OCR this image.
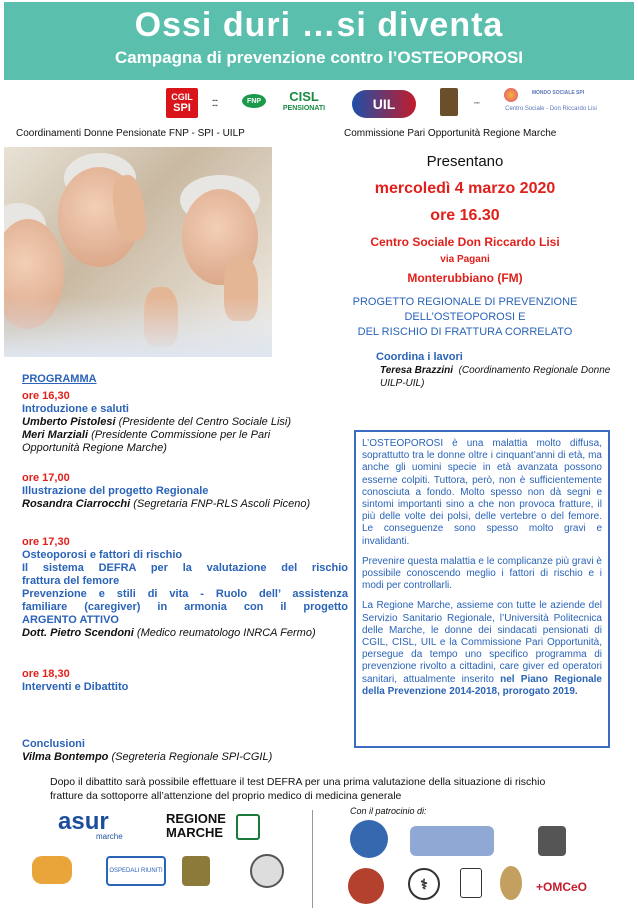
Ossi duri …si diventa
Campagna di prevenzione contro l’OSTEOPOROSI
CGIL
SPI
▪▪▪
▪▪▪
FNP CISL
PENSIONATI	UIL	▪▪▪▪
MONDO SOCIALE SPI
Centro Sociale - Don Riccardo Lisi
Coordinamenti Donne Pensionate FNP - SPI - UILP	Commissione Pari Opportunità Regione Marche
Presentano
mercoledì 4 marzo 2020
ore 16.30
Centro Sociale Don Riccardo Lisi
via Pagani
Monterubbiano (FM)
PROGETTO REGIONALE DI PREVENZIONE
DELL’OSTEOPOROSI E
DEL RISCHIO DI FRATTURA CORRELATO
Coordina i lavori
Teresa Brazzini (Coordinamento Regionale Donne
UILP-UIL)
PROGRAMMA
ore 16,30
Introduzione e saluti
Umberto Pistolesi (Presidente del Centro Sociale Lisi)
Meri Marziali (Presidente Commissione per le Pari
Opportunità Regione Marche)
ore 17,00
Illustrazione del progetto Regionale
Rosandra Ciarrocchi (Segretaria FNP-RLS Ascoli Piceno)
ore 17,30
Osteoporosi e fattori di rischio
Il sistema DEFRA per la valutazione del rischio
frattura del femore
Prevenzione e stili di vita - Ruolo dell’ assistenza
familiare (caregiver) in armonia con il progetto
ARGENTO ATTIVO
Dott. Pietro Scendoni (Medico reumatologo INRCA Fermo)
ore 18,30
Interventi e Dibattito
Conclusioni
Vilma Bontempo (Segreteria Regionale SPI-CGIL)

L’OSTEOPOROSI è una malattia molto diffusa, soprattutto tra le donne oltre i cinquant’anni di età, ma anche gli uomini specie in età avanzata possono esserne colpiti. Tuttora, però, non è sufficientemente conosciuta a fondo. Molto spesso non dà segni e sintomi importanti sino a che non provoca fratture, il più delle volte dei polsi, delle vertebre o del femore. Le conseguenze sono spesso molto gravi e invalidanti.

Prevenire questa malattia e le complicanze più gravi è possibile conoscendo meglio i fattori di rischio e i modi per controllarli.

La Regione Marche, assieme con tutte le aziende del Servizio Sanitario Regionale, l’Università Politecnica delle Marche, le donne dei sindacati pensionati di CGIL, CISL, UIL e la Commissione Pari Opportunità, persegue da tempo uno specifico programma di prevenzione rivolto a cittadini, care giver ed operatori sanitari, attualmente inserito nel Piano Regionale della Prevenzione 2014-2018, prorogato 2019.

Dopo il dibattito sarà possibile effettuare il test DEFRA per una prima valutazione della situazione di rischio
fratture da sottoporre all’attenzione del proprio medico di medicina generale
asur
marche
REGIONE
MARCHE
Con il patrocinio di:
OSPEDALI RIUNITI
⚕	+OMCeO
